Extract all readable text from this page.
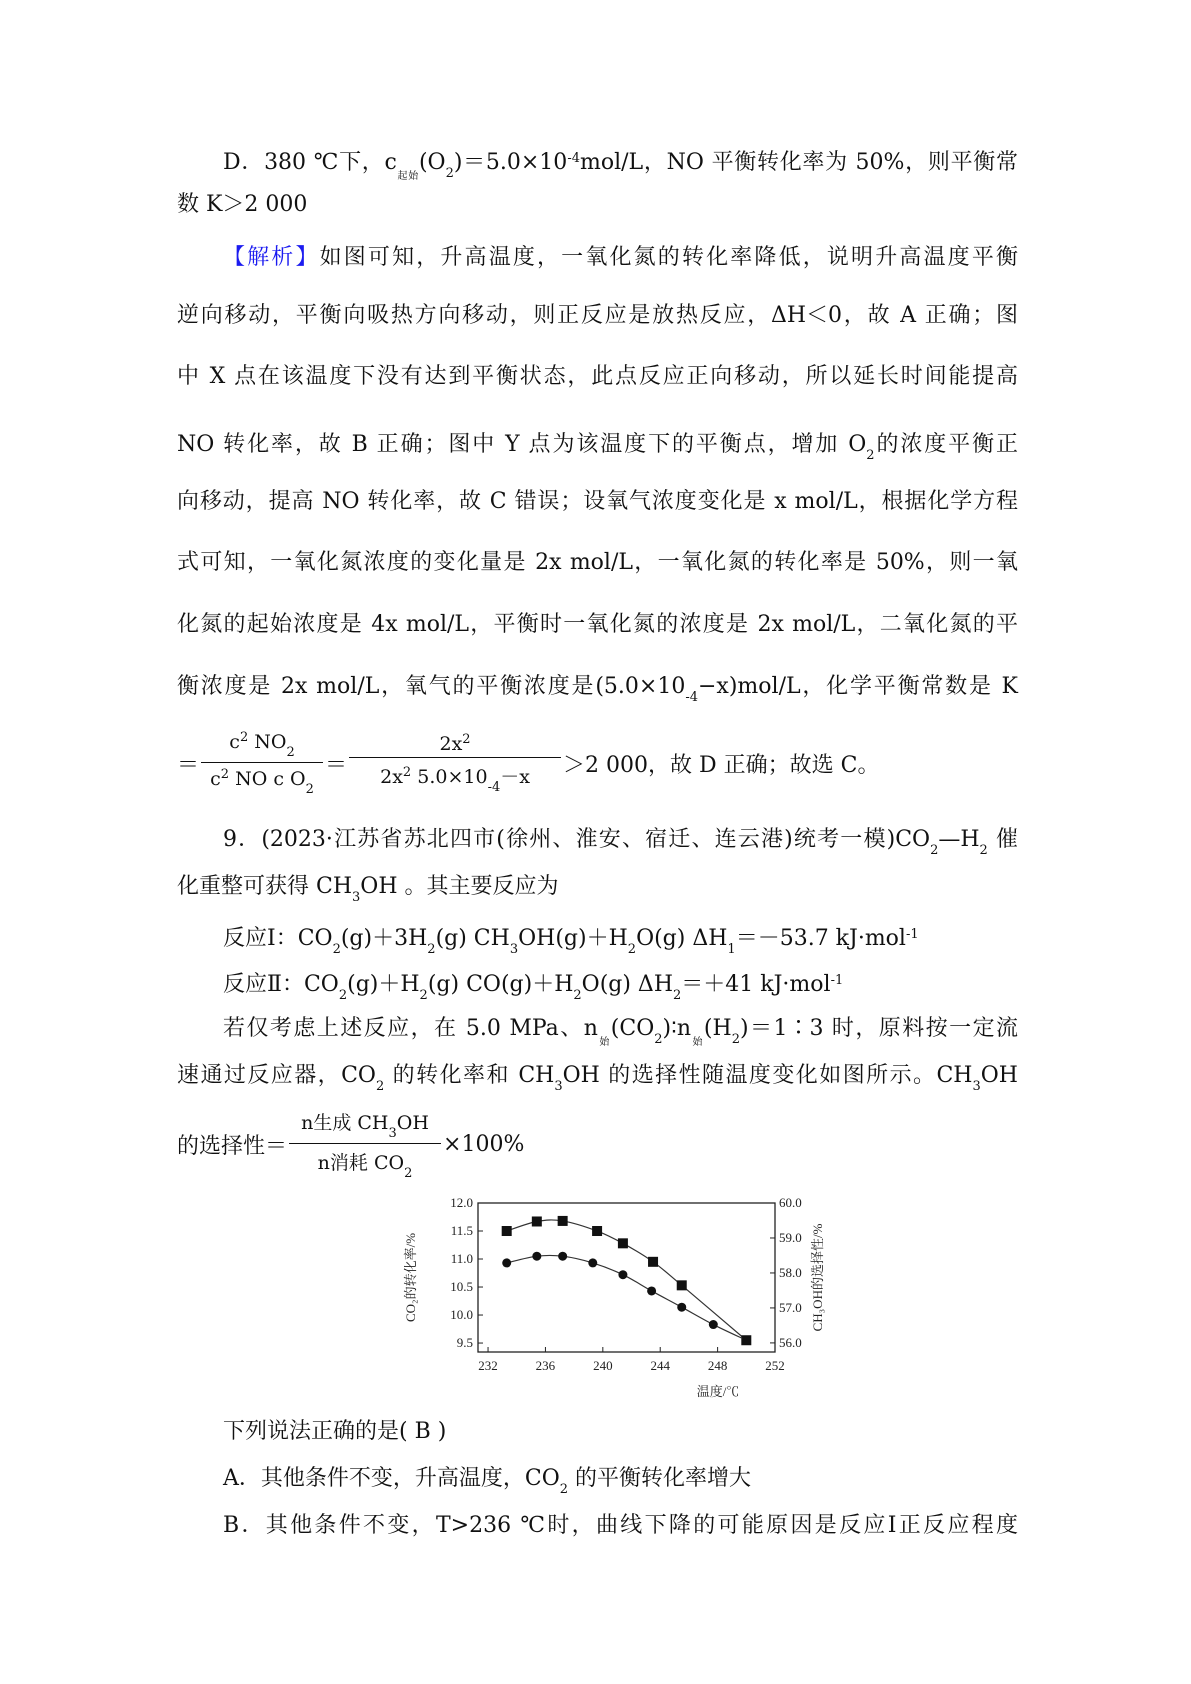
D．380 ℃下，$c_{起始}(O_2)=5.0\times 10^{-4}mol/L$，NO 平衡转化率为 50%，则平衡常
数 K＞2 000
【解析】如图可知，升高温度，一氧化氮的转化率降低，说明升高温度平衡
逆向移动，平衡向吸热方向移动，则正反应是放热反应，ΔH＜0，故 A 正确；图
中 X 点在该温度下没有达到平衡状态，此点反应正向移动，所以延长时间能提高
NO 转化率，故 B 正确；图中 Y 点为该温度下的平衡点，增加 $O_2$的浓度平衡正
向移动，提高 NO 转化率，故 C 错误；设氧气浓度变化是 x mol/L，根据化学方程
式可知，一氧化氮浓度的变化量是 2x mol/L，一氧化氮的转化率是 50%，则一氧
化氮的起始浓度是 4x mol/L，平衡时一氧化氮的浓度是 2x mol/L，二氧化氮的平
衡浓度是 2x mol/L，氧气的平衡浓度是$(5.0\times 10_{-4}-x)mol/L$，化学平衡常数是 K
＝ $\frac{c^2 NO_2}{c^2 NO c O_2} = \frac{2x^2}{2x^2 5.0\times 10_{-4}-x} >2$ 000，故 D 正确；故选 C。
9．(2023·江苏省苏北四市(徐州、淮安、宿迁、连云港)统考一模)$CO_2—H_2$ 催
化重整可获得 $CH_3OH$ 。其主要反应为
反应Ⅰ：$CO_2(g)+3H_2(g)$ $CH_3OH(g)+H_2O(g)$ $\Delta H_1=-53.7$ kJ·mol$^{-1}$
反应Ⅱ：$CO_2(g)+H_2(g)$ $CO(g)+H_2O(g)$ $\Delta H_2=+41$ kJ·mol$^{-1}$
若仅考虑上述反应，在 5.0 MPa、$n_始(CO_2)∶n_始(H_2)=1∶3$ 时，原料按一定流
速通过反应器，$CO_2$ 的转化率和 $CH_3OH$ 的选择性随温度变化如图所示。$CH_3OH$
的选择性＝ $\frac{n生成 CH_3OH}{n消耗 CO_2} \times 100\%$
232	236	240	244	248	252
9.5
10.0
10.5
11.0
11.5
12.0
56.0
57.0
58.0
59.0
60.0
温度/℃
CO₂的转化率/%	CH₃OH的选择性/%
下列说法正确的是( B )
A．其他条件不变，升高温度，$CO_2$ 的平衡转化率增大
B．其他条件不变，T>236 ℃时，曲线下降的可能原因是反应Ⅰ正反应程度
